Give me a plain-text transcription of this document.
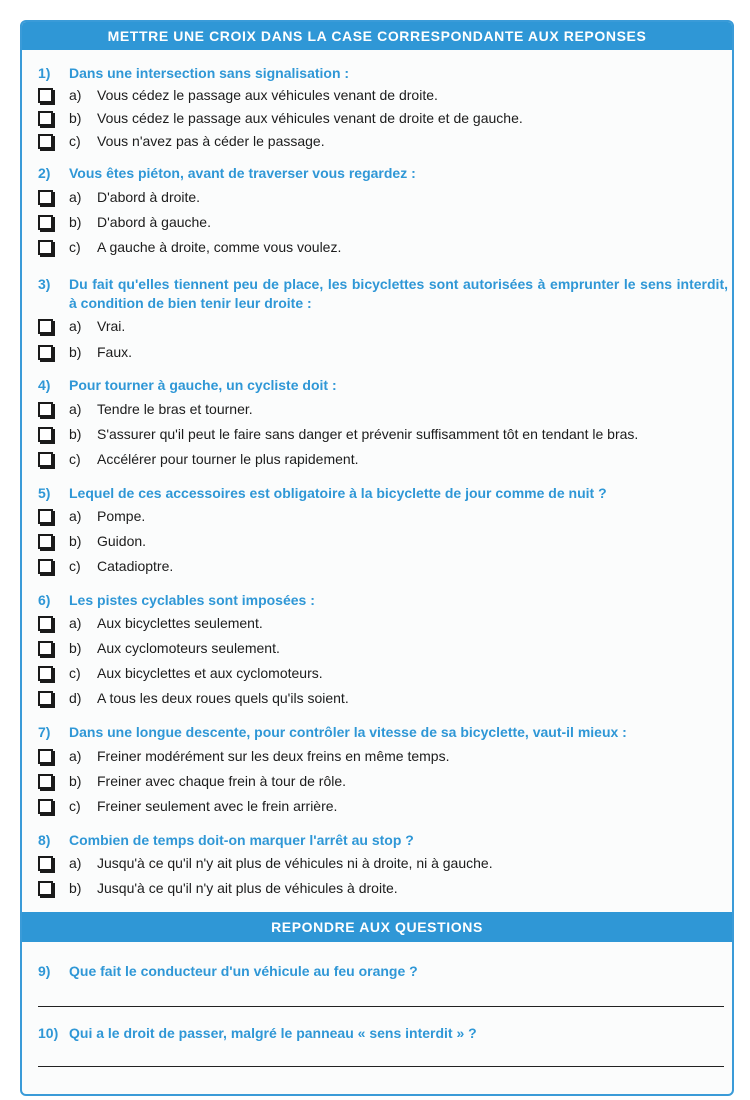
METTRE UNE CROIX DANS LA CASE CORRESPONDANTE AUX REPONSES
1)	Dans une intersection sans signalisation :
a)	Vous cédez le passage aux véhicules venant de droite.
b)	Vous cédez le passage aux véhicules venant de droite et de gauche.
c)	Vous n'avez pas à céder le passage.
2)	Vous êtes piéton, avant de traverser vous regardez :
a)	D'abord à droite.
b)	D'abord à gauche.
c)	A gauche à droite, comme vous voulez.
3)	Du fait qu'elles tiennent peu de place, les bicyclettes sont autorisées à emprunter le sens interdit, à condition de bien tenir leur droite :
a)	Vrai.
b)	Faux.
4)	Pour tourner à gauche, un cycliste doit :
a)	Tendre le bras et tourner.
b)	S'assurer qu'il peut le faire sans danger et prévenir suffisamment tôt en tendant le bras.
c)	Accélérer pour tourner le plus rapidement.
5)	Lequel de ces accessoires est obligatoire à la bicyclette de jour comme de nuit ?
a)	Pompe.
b)	Guidon.
c)	Catadioptre.
6)	Les pistes cyclables sont imposées :
a)	Aux bicyclettes seulement.
b)	Aux cyclomoteurs seulement.
c)	Aux bicyclettes et aux cyclomoteurs.
d)	A tous les deux roues quels qu'ils soient.
7)	Dans une longue descente, pour contrôler la vitesse de sa bicyclette, vaut-il mieux :
a)	Freiner modérément sur les deux freins en même temps.
b)	Freiner avec chaque frein à tour de rôle.
c)	Freiner seulement avec le frein arrière.
8)	Combien de temps doit-on marquer l'arrêt au stop ?
a)	Jusqu'à ce qu'il n'y ait plus de véhicules ni à droite, ni à gauche.
b)	Jusqu'à ce qu'il n'y ait plus de véhicules à droite.
REPONDRE AUX QUESTIONS
9)	Que fait le conducteur d'un véhicule au feu orange ?
10) Qui a le droit de passer, malgré le panneau « sens interdit » ?
